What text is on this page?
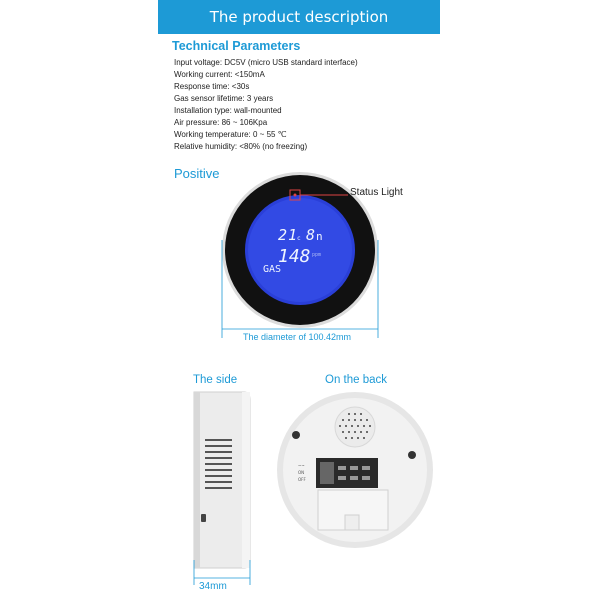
The product description
Technical Parameters
Input voltage: DC5V (micro USB standard interface)
Working current: <150mA
Response time: <30s
Gas sensor lifetime: 3 years
Installation type: wall-mounted
Air pressure: 86 ~ 106Kpa
Working temperature: 0 ~ 55 ℃
Relative humidity: <80% (no freezing)
Positive
2 1 c 8 n
148 ppm
~~
ON
OFF
GAS
Status Light
The diameter of 100.42mm
The side	On the back
34mm
